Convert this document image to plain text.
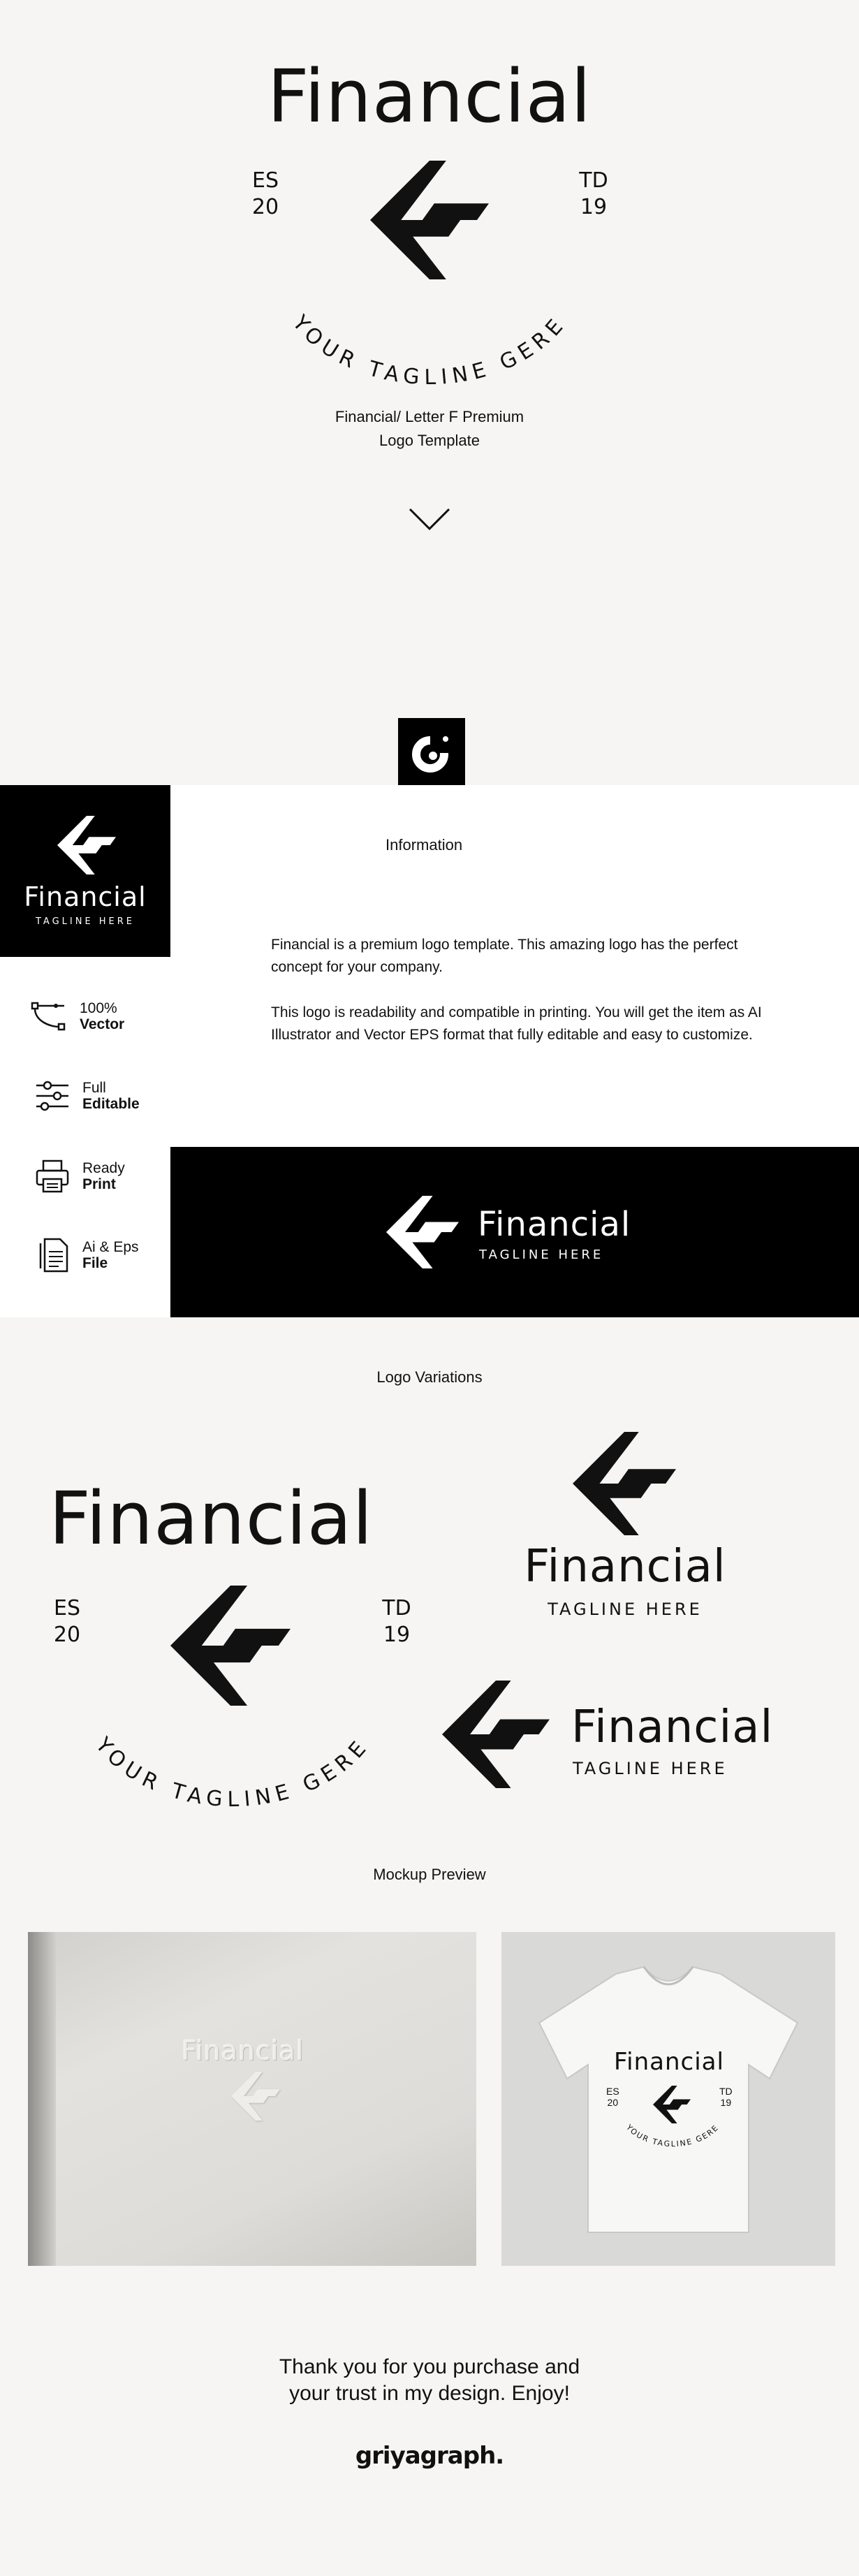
Financial
ES
20
TD
19
YOUR TAGLINE GERE
Financial/ Letter F Premium
Logo Template
Financial
TAGLINE HERE
Information
Financial is a premium logo template. This amazing logo has the perfect concept for your company.
This logo is readability and compatible in printing. You will get the item as AI Illustrator and Vector EPS format that fully editable and easy to customize.
100%
Vector
Full
Editable
Ready
Print
Ai & Eps
File
Financial
TAGLINE HERE
Logo Variations
Financial
Financial
TAGLINE HERE
ES
20
TD
19
YOUR TAGLINE GERE	Financial
TAGLINE HERE
Mockup Preview
Financial	Financial
ES
20
TD
19
YOUR TAGLINE GERE
Thank you for you purchase and
your trust in my design. Enjoy!
griyagraph.
